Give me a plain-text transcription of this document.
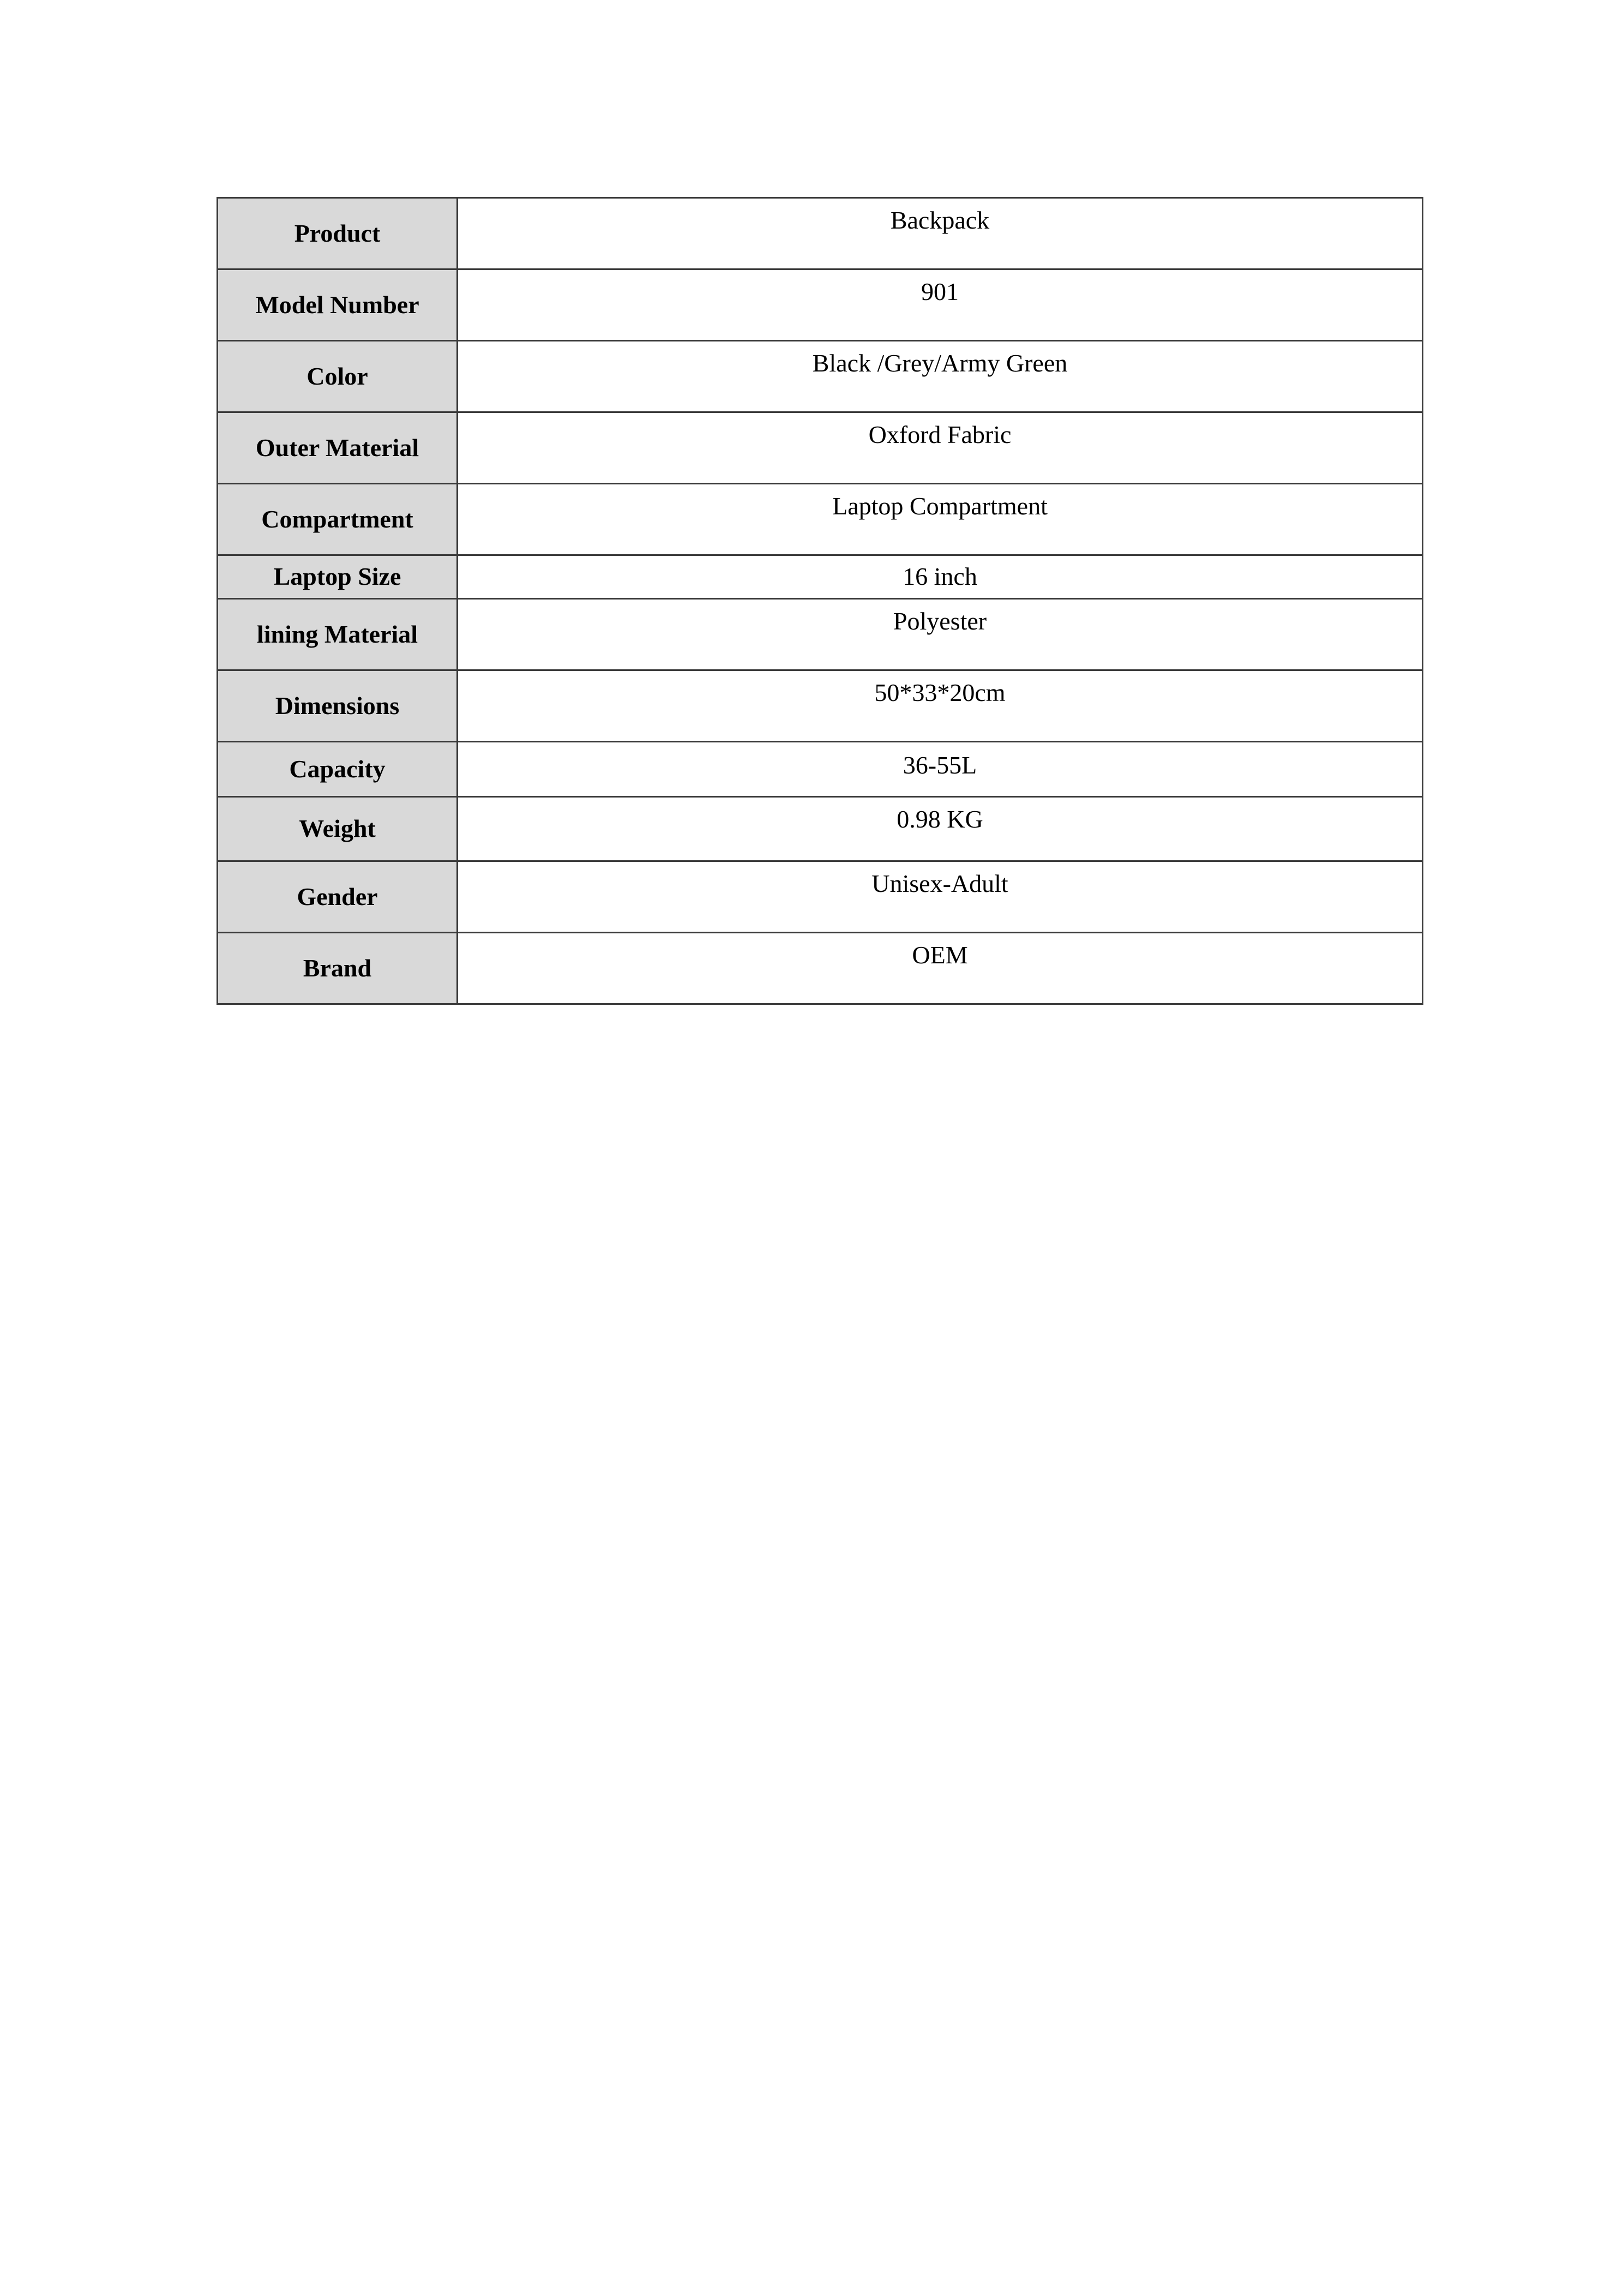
Product	Backpack

Model Number	901

Color	Black /Grey/Army Green

Outer Material	Oxford Fabric

Compartment	Laptop Compartment

Laptop Size	16 inch

lining Material	Polyester

Dimensions	50*33*20cm

Capacity	36-55L

Weight	0.98 KG

Gender	Unisex-Adult

Brand	OEM
